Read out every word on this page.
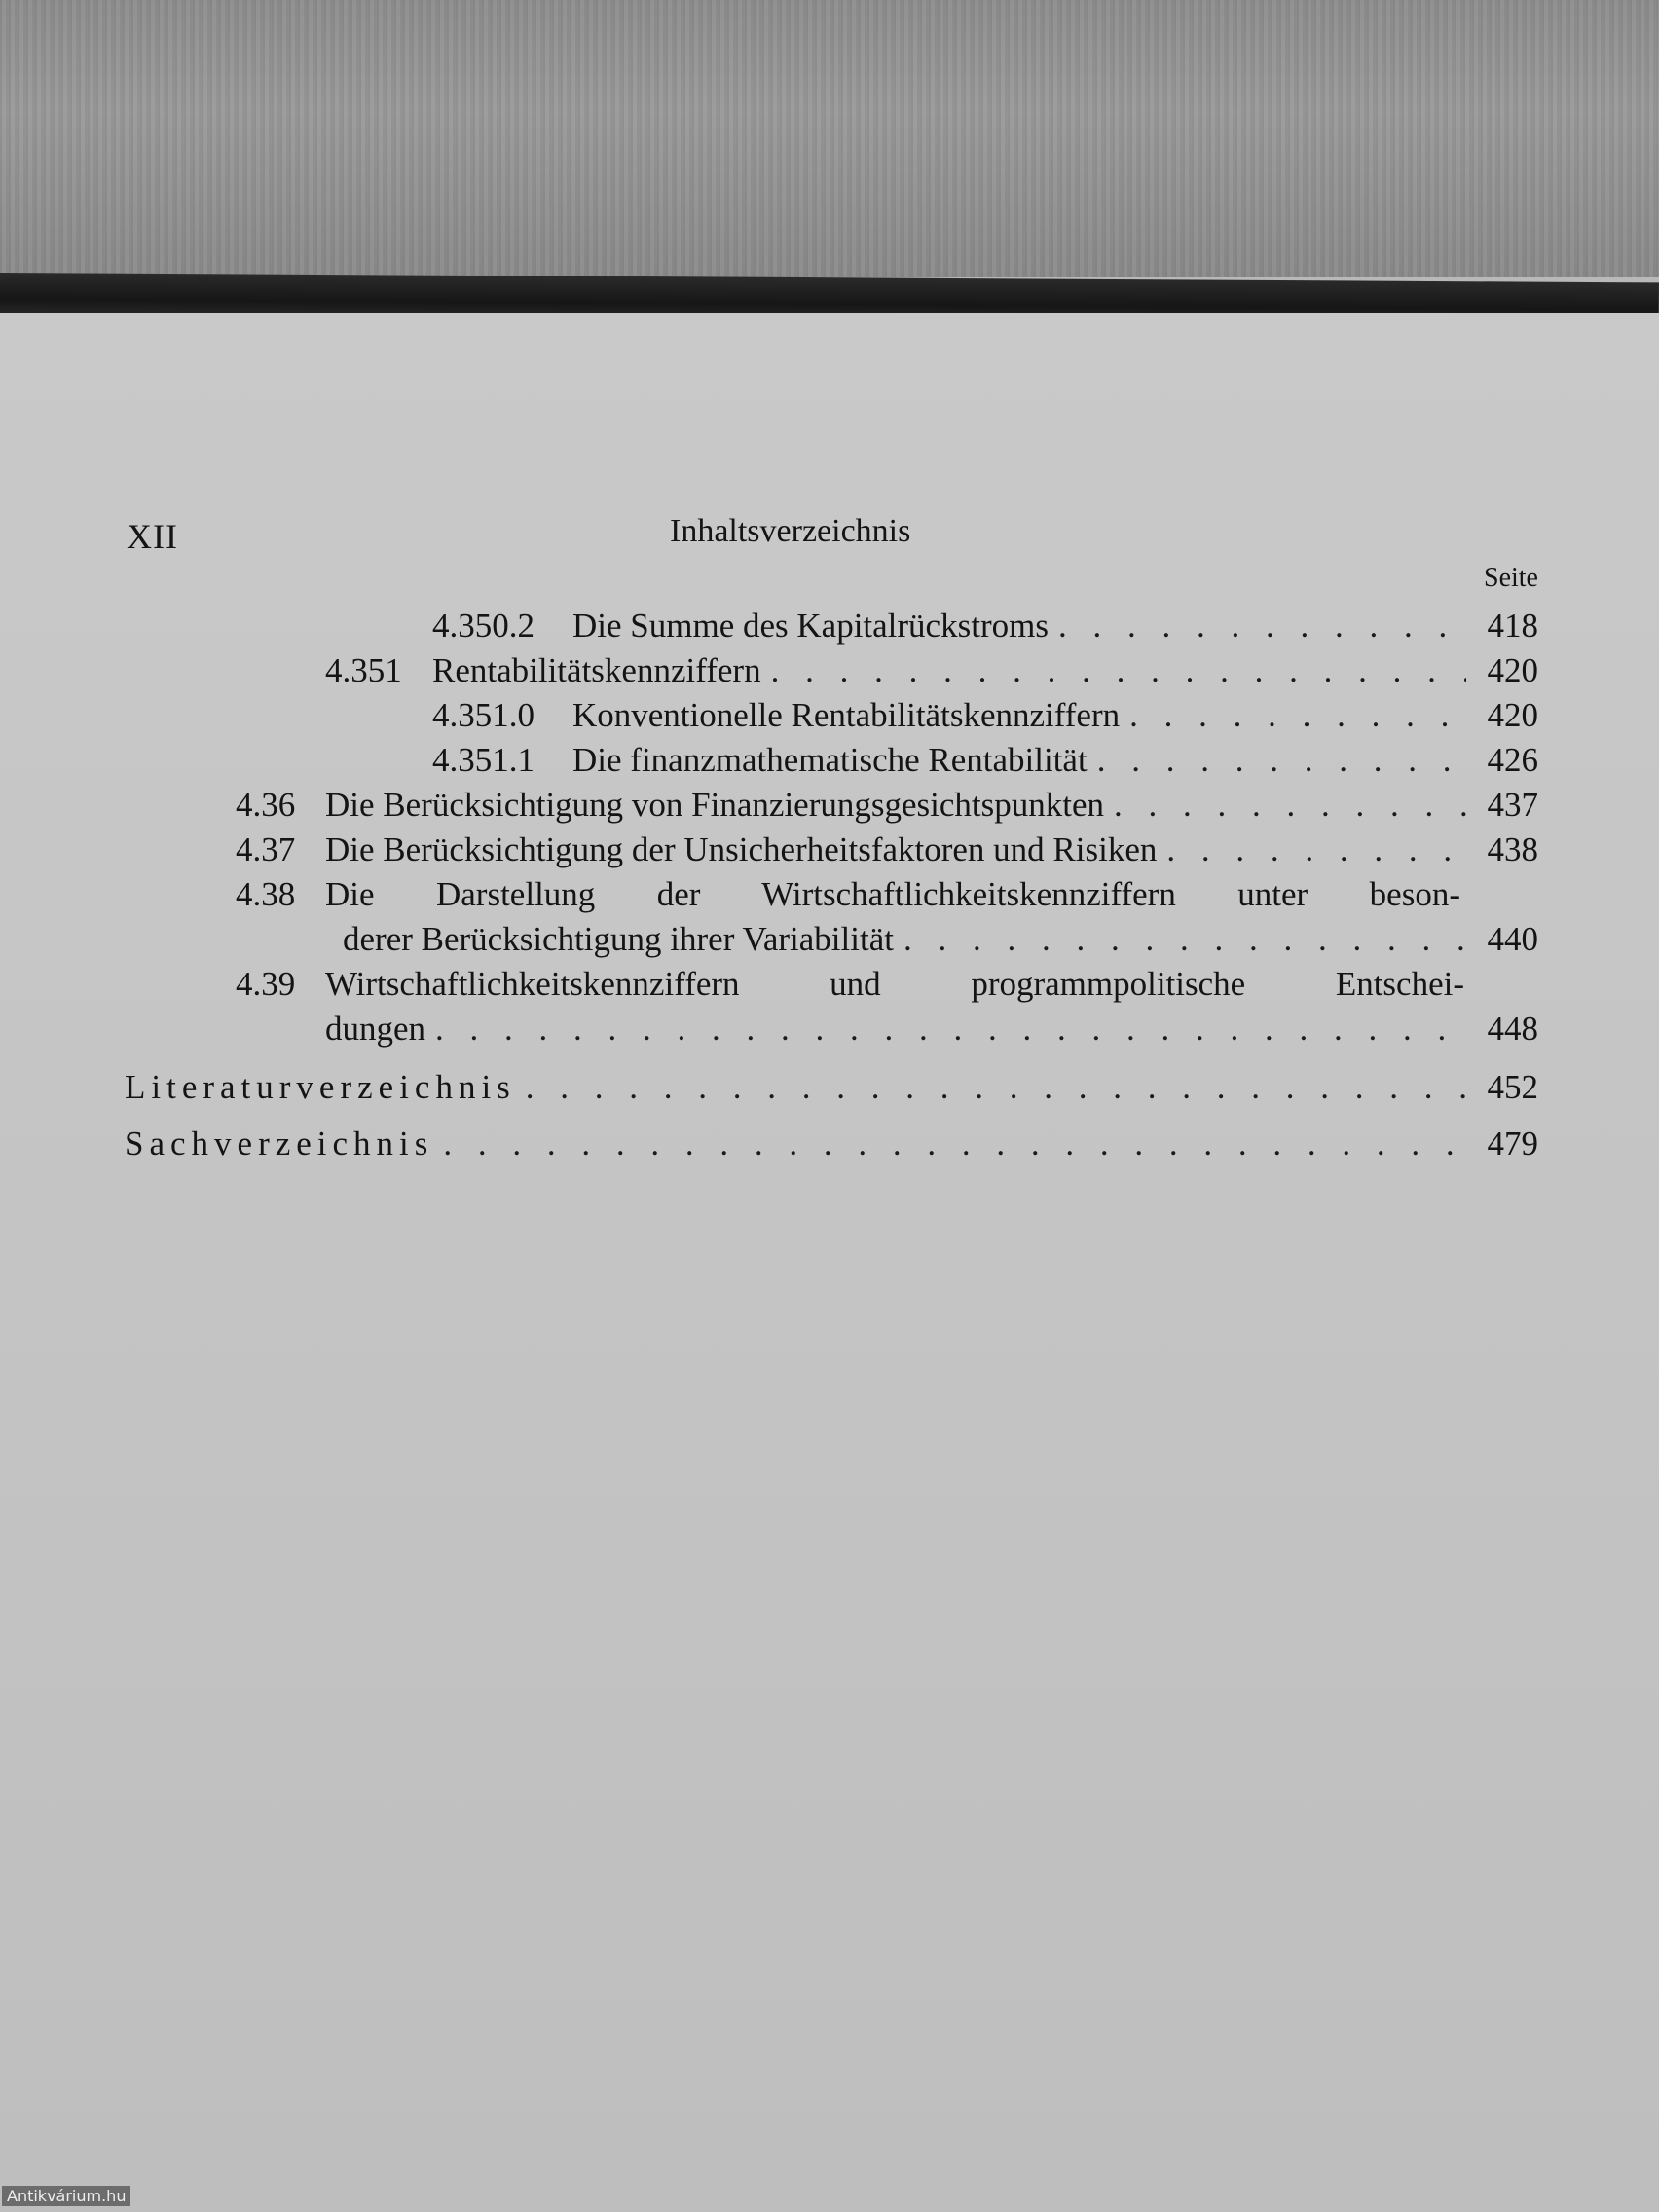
XII	Inhaltsverzeichnis
Seite
4.350.2	Die Summe des Kapitalrückstroms . . .	418
4.351 Rentabilitätskennziffern . . .	420
4.351.0	Konventionelle Rentabilitätskennziffern . . .	420
4.351.1	Die finanzmathematische Rentabilität . . .	426
4.36 Die Berücksichtigung von Finanzierungsgesichtspunkten . . .	437
4.37 Die Berücksichtigung der Unsicherheitsfaktoren und Risiken . . .	438
4.38 Die Darstellung der Wirtschaftlichkeitskennziffern unter beson-
derer Berücksichtigung ihrer Variabilität . . .	440
4.39 Wirtschaftlichkeitskennziffern und programmpolitische Entschei-
dungen . . .	448
Literaturverzeichnis . . .	452
Sachverzeichnis . . .	479
Antikvárium.hu
